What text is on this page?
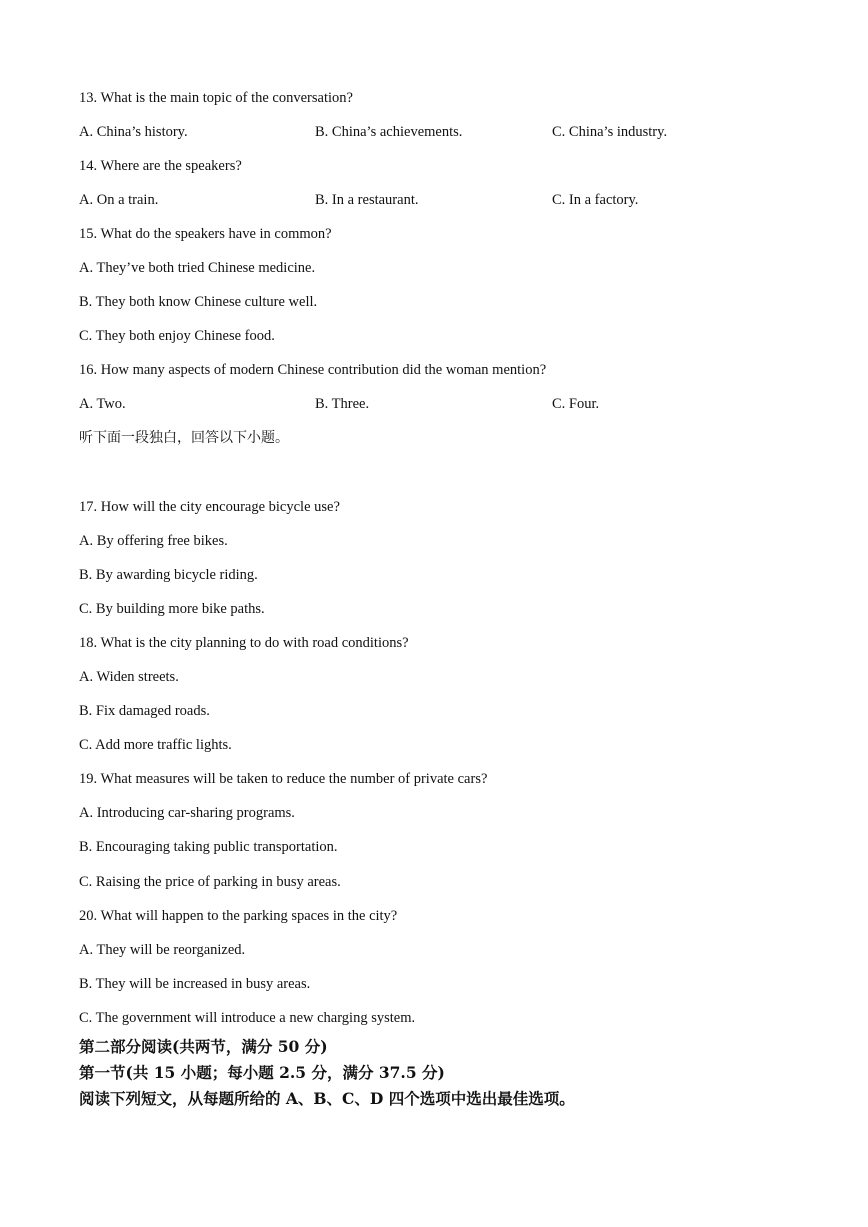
13. What is the main topic of the conversation?
A. China’s history.	B. China’s achievements.	C. China’s industry.
14. Where are the speakers?
A. On a train.	B. In a restaurant.	C. In a factory.
15. What do the speakers have in common?
A. They’ve both tried Chinese medicine.
B. They both know Chinese culture well.
C. They both enjoy Chinese food.
16. How many aspects of modern Chinese contribution did the woman mention?
A. Two.	B. Three.	C. Four.
听下面一段独白，回答以下小题。
17. How will the city encourage bicycle use?
A. By offering free bikes.
B. By awarding bicycle riding.
C. By building more bike paths.
18. What is the city planning to do with road conditions?
A. Widen streets.
B. Fix damaged roads.
C. Add more traffic lights.
19. What measures will be taken to reduce the number of private cars?
A. Introducing car-sharing programs.
B. Encouraging taking public transportation.
C. Raising the price of parking in busy areas.
20. What will happen to the parking spaces in the city?
A. They will be reorganized.
B. They will be increased in busy areas.
C. The government will introduce a new charging system.
第二部分阅读(共两节，满分 50 分)
第一节(共 15 小题；每小题 2.5 分，满分 37.5 分)
阅读下列短文，从每题所给的 A、B、C、D 四个选项中选出最佳选项。
